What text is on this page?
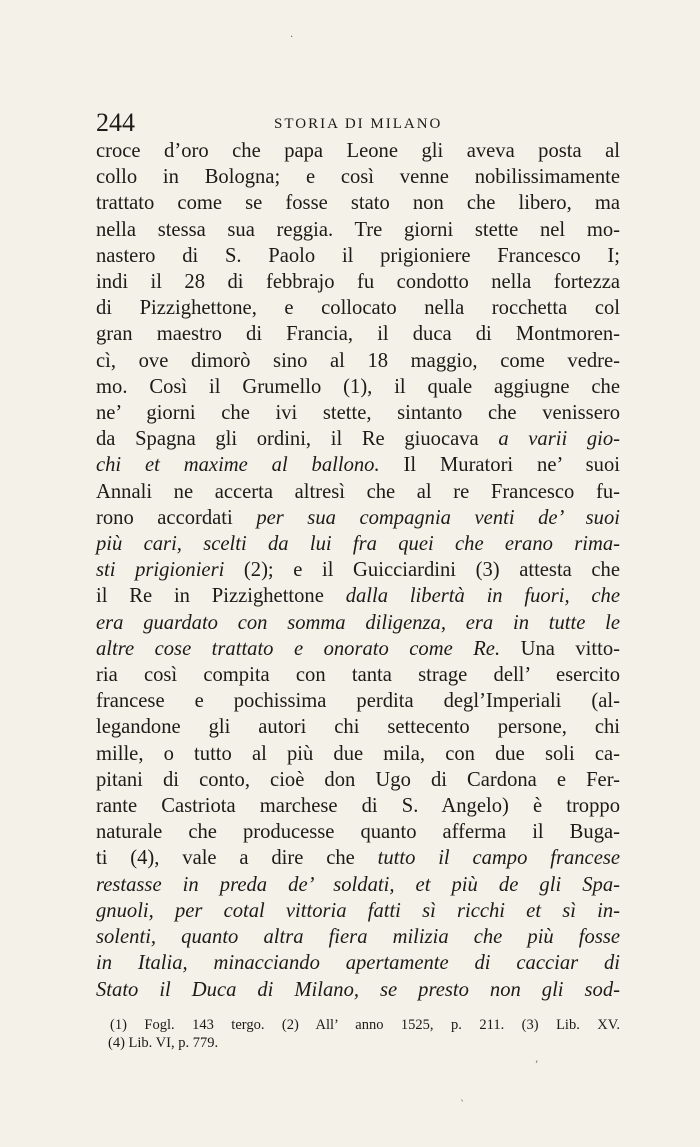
244	STORIA DI MILANO
croce d’oro che papa Leone gli aveva posta al
collo in Bologna; e così venne nobilissimamente
trattato come se fosse stato non che libero, ma
nella stessa sua reggia. Tre giorni stette nel mo-
nastero di S. Paolo il prigioniere Francesco I;
indi il 28 di febbrajo fu condotto nella fortezza
di Pizzighettone, e collocato nella rocchetta col
gran maestro di Francia, il duca di Montmoren-
cì, ove dimorò sino al 18 maggio, come vedre-
mo. Così il Grumello (1), il quale aggiugne che
ne’ giorni che ivi stette, sintanto che venissero
da Spagna gli ordini, il Re giuocava a varii gio-
chi et maxime al ballono. Il Muratori ne’ suoi
Annali ne accerta altresì che al re Francesco fu-
rono accordati per sua compagnia venti de’ suoi
più cari, scelti da lui fra quei che erano rima-
sti prigionieri (2); e il Guicciardini (3) attesta che
il Re in Pizzighettone dalla libertà in fuori, che
era guardato con somma diligenza, era in tutte le
altre cose trattato e onorato come Re. Una vitto-
ria così compita con tanta strage dell’ esercito
francese e pochissima perdita degl’Imperiali (al-
legandone gli autori chi settecento persone, chi
mille, o tutto al più due mila, con due soli ca-
pitani di conto, cioè don Ugo di Cardona e Fer-
rante Castriota marchese di S. Angelo) è troppo
naturale che producesse quanto afferma il Buga-
ti (4), vale a dire che tutto il campo francese
restasse in preda de’ soldati, et più de gli Spa-
gnuoli, per cotal vittoria fatti sì ricchi et sì in-
solenti, quanto altra fiera milizia che più fosse
in Italia, minacciando apertamente di cacciar di
Stato il Duca di Milano, se presto non gli sod-
(1) Fogl. 143 tergo. (2) All’ anno 1525, p. 211. (3) Lib. XV.
(4) Lib. VI, p. 779.
·
’
`
